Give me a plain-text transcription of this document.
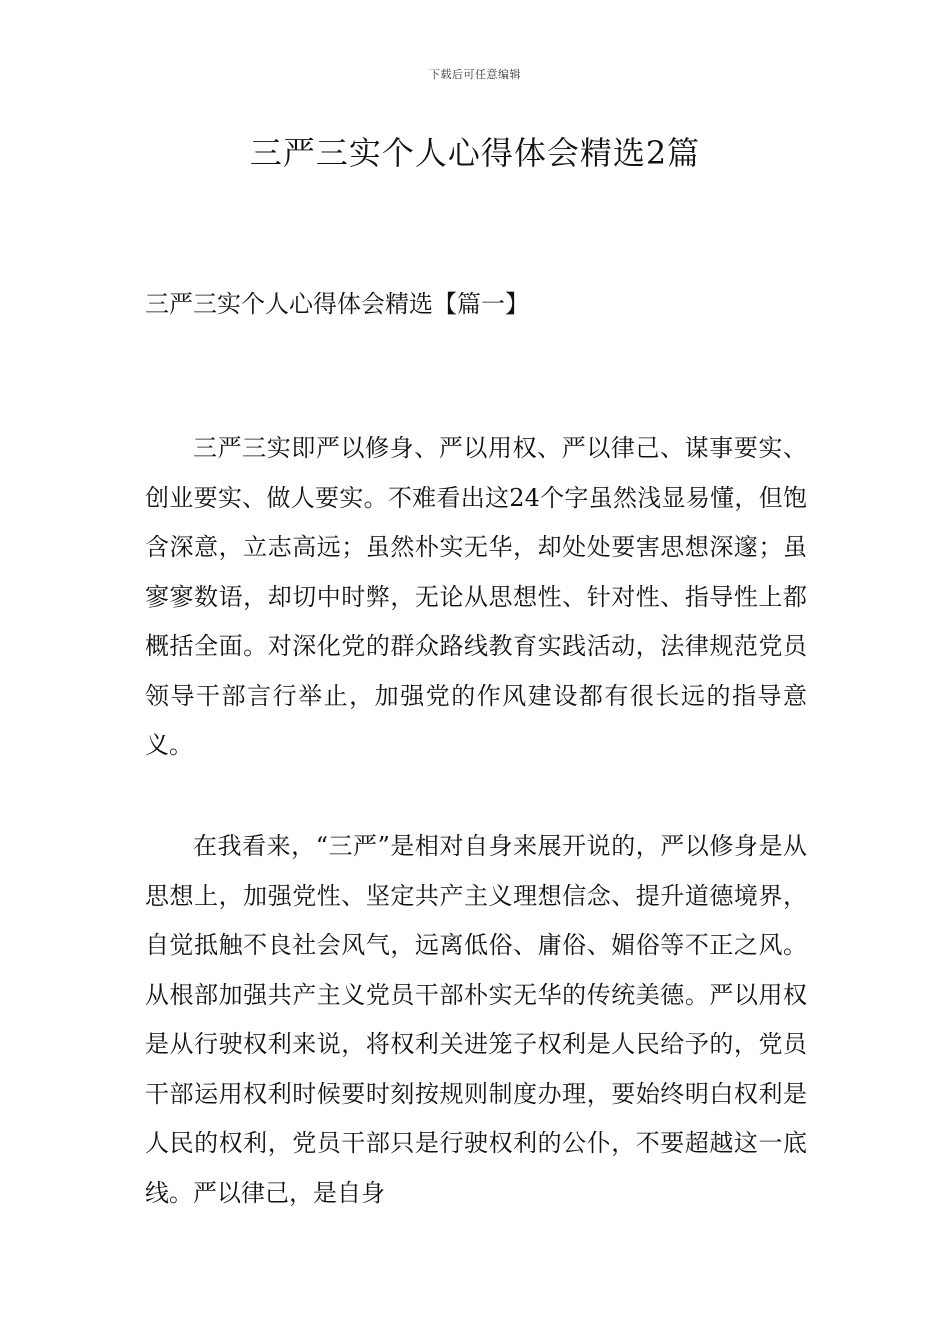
下载后可任意编辑
三严三实个人心得体会精选2篇
三严三实个人心得体会精选【篇一】

三严三实即严以修身、严以用权、严以律己、谋事要实、创业要实、做人要实。不难看出这24个字虽然浅显易懂，但饱含深意，立志高远；虽然朴实无华，却处处要害思想深邃；虽寥寥数语，却切中时弊，无论从思想性、针对性、指导性上都概括全面。对深化党的群众路线教育实践活动，法律规范党员领导干部言行举止，加强党的作风建设都有很长远的指导意义。

在我看来，“三严”是相对自身来展开说的，严以修身是从思想上，加强党性、坚定共产主义理想信念、提升道德境界，自觉抵触不良社会风气，远离低俗、庸俗、媚俗等不正之风。从根部加强共产主义党员干部朴实无华的传统美德。严以用权是从行驶权利来说，将权利关进笼子权利是人民给予的，党员干部运用权利时候要时刻按规则制度办理，要始终明白权利是人民的权利，党员干部只是行驶权利的公仆，不要超越这一底线。严以律己，是自身
